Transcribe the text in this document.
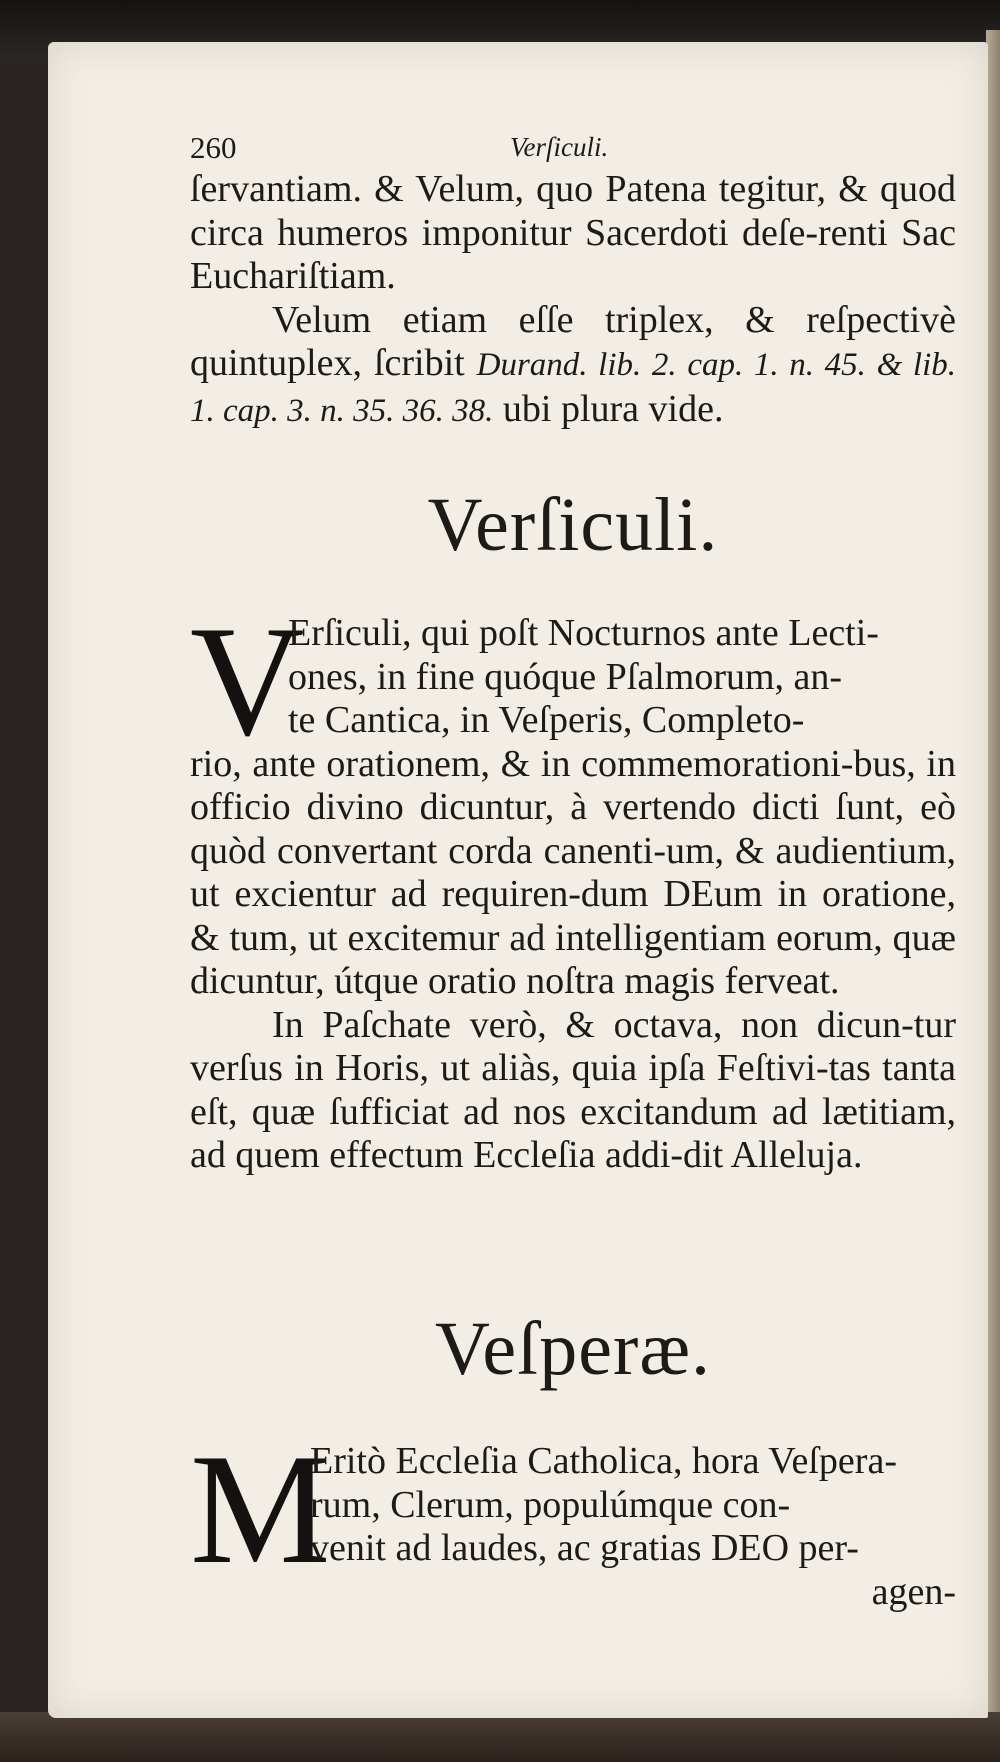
260	Verſiculi.

ſervantiam. & Velum, quo Patena tegitur, & quod circa humeros imponitur Sacerdoti deſe-renti Sac Euchariſtiam.

Velum etiam eſſe triplex, & reſpectivè quintuplex, ſcribit Durand. lib. 2. cap. 1. n. 45. & lib. 1. cap. 3. n. 35. 36. 38. ubi plura vide.

Verſiculi.
V
Erſiculi, qui poſt Nocturnos ante Lecti-
ones, in fine quóque Pſalmorum, an-
te Cantica, in Veſperis, Completo-
rio, ante orationem, & in commemorationi-bus, in officio divino dicuntur, à vertendo dicti ſunt, eò quòd convertant corda canenti-um, & audientium, ut excientur ad requiren-dum DEum in oratione, & tum, ut excitemur ad intelligentiam eorum, quæ dicuntur, útque oratio noſtra magis ferveat.
In Paſchate verò, & octava, non dicun-tur verſus in Horis, ut aliàs, quia ipſa Feſtivi-tas tanta eſt, quæ ſufficiat ad nos excitandum ad lætitiam, ad quem effectum Eccleſia addi-dit Alleluja.
Veſperæ.
M
Eritò Eccleſia Catholica, hora Veſpera-
rum, Clerum, populúmque con-
venit ad laudes, ac gratias DEO per-
agen-
